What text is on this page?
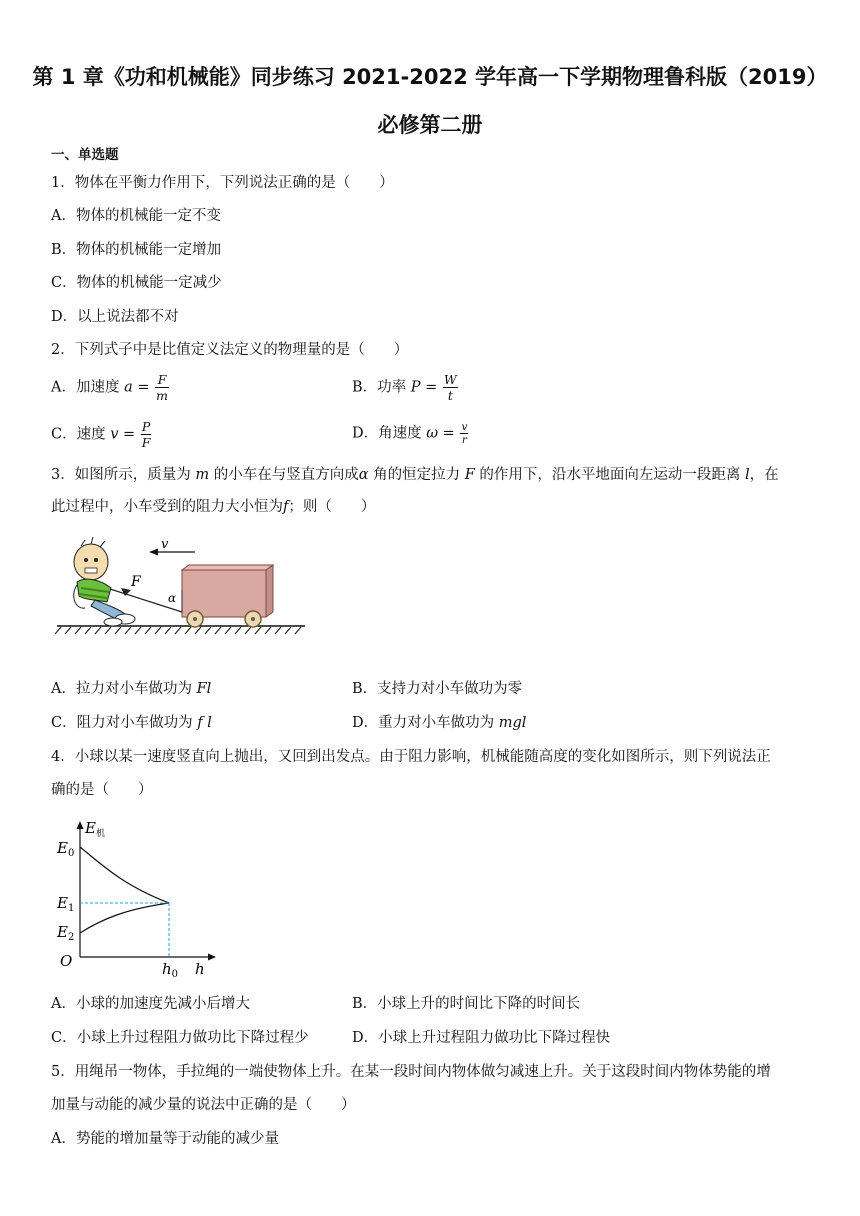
第 1 章《功和机械能》同步练习 2021-2022 学年高一下学期物理鲁科版（2019）
必修第二册
一、单选题
1．物体在平衡力作用下，下列说法正确的是（　　）
A．物体的机械能一定不变
B．物体的机械能一定增加
C．物体的机械能一定减少
D．以上说法都不对
2．下列式子中是比值定义法定义的物理量的是（　　）
A．加速度 $a = \frac{F}{m}$	B．功率 $P = \frac{W}{t}$
C．速度 $v = \frac{P}{F}$	D．角速度 $\omega = \frac{v}{r}$
3．如图所示，质量为 m 的小车在与竖直方向成α 角的恒定拉力 F 的作用下，沿水平地面向左运动一段距离 l，在
此过程中，小车受到的阻力大小恒为f；则（　　）
v
F
α
A．拉力对小车做功为 Fl	B．支持力对小车做功为零
C．阻力对小车做功为 f l	D．重力对小车做功为 mgl
4．小球以某一速度竖直向上抛出，又回到出发点。由于阻力影响，机械能随高度的变化如图所示，则下列说法正
确的是（　　）
$E_机$
$E_0$
$E_1$
$E_2$
O	$h_0$ h
A．小球的加速度先减小后增大	B．小球上升的时间比下降的时间长
C．小球上升过程阻力做功比下降过程少	D．小球上升过程阻力做功比下降过程快
5．用绳吊一物体，手拉绳的一端使物体上升。在某一段时间内物体做匀减速上升。关于这段时间内物体势能的增
加量与动能的减少量的说法中正确的是（　　）
A．势能的增加量等于动能的减少量
